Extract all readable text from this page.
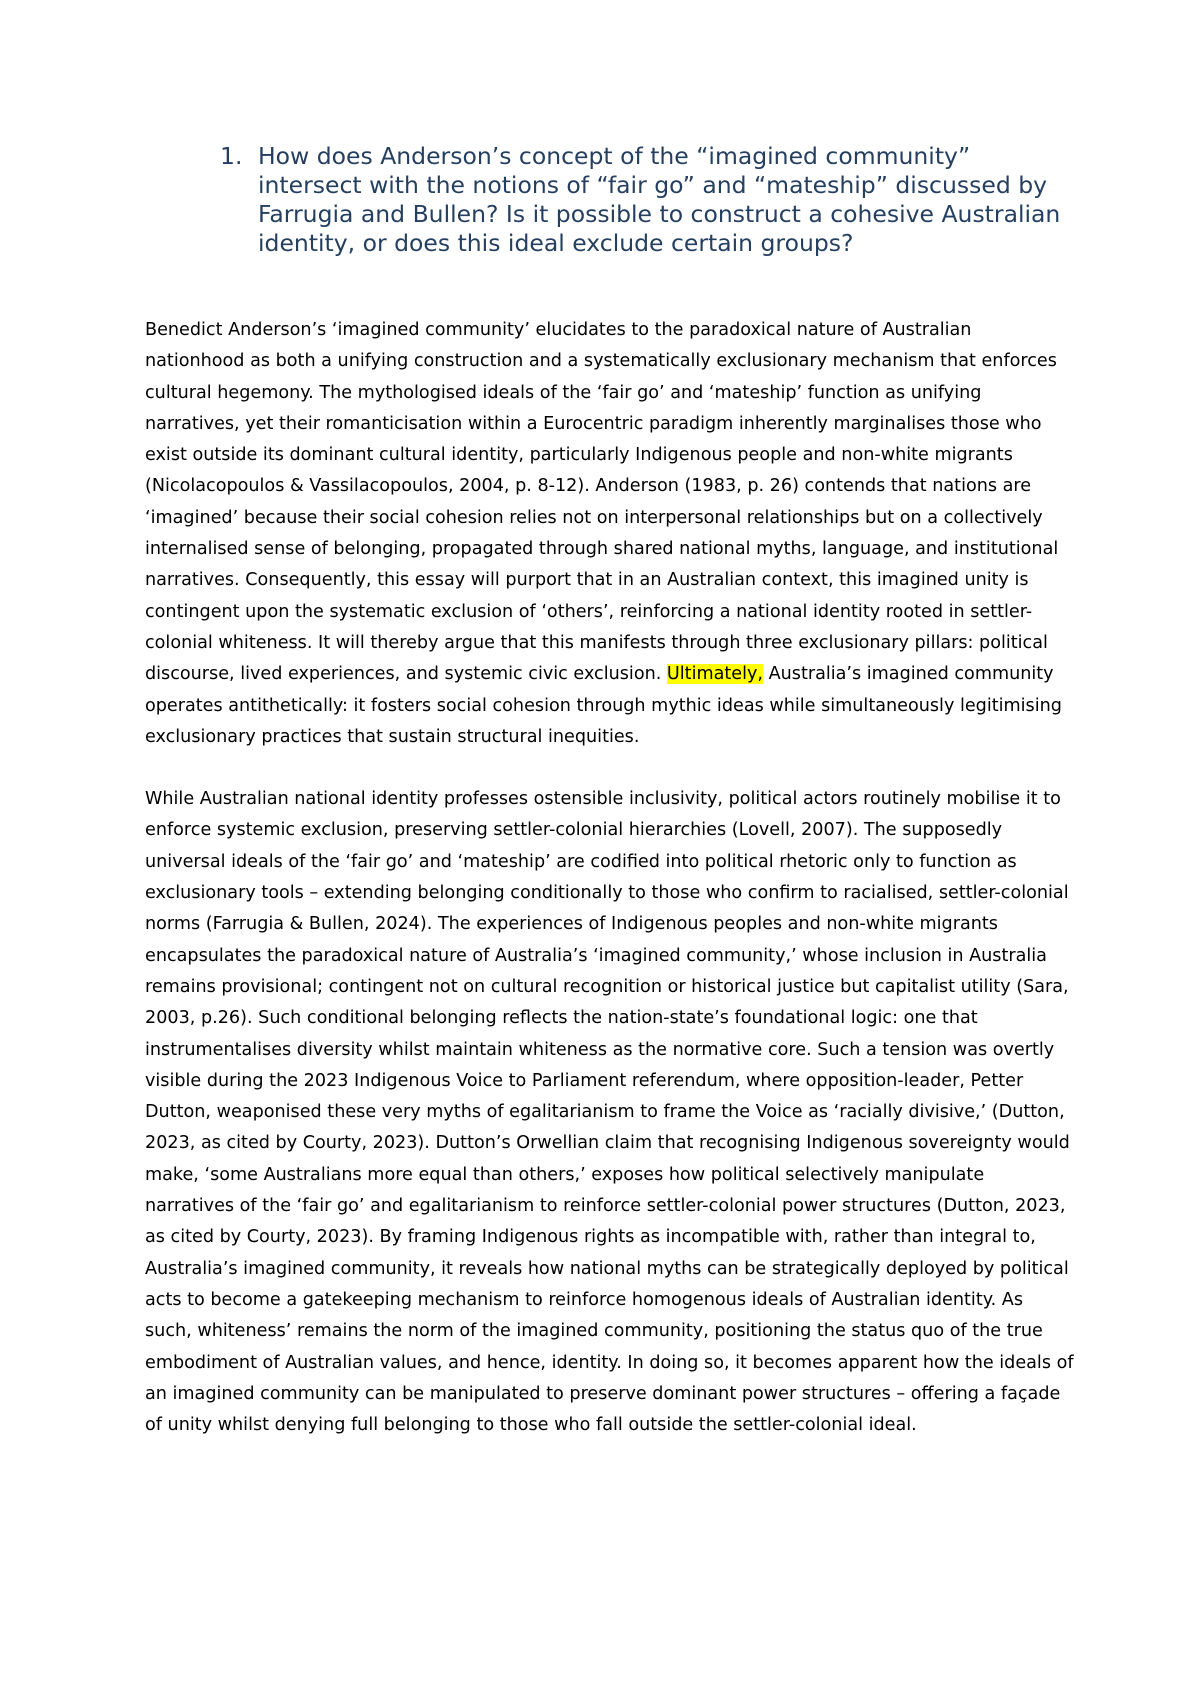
1. How does Anderson’s concept of the “imagined community” intersect with the notions of “fair go” and “mateship” discussed by Farrugia and Bullen? Is it possible to construct a cohesive Australian identity, or does this ideal exclude certain groups?

Benedict Anderson’s ‘imagined community’ elucidates to the paradoxical nature of Australian nationhood as both a unifying construction and a systematically exclusionary mechanism that enforces cultural hegemony. The mythologised ideals of the ‘fair go’ and ‘mateship’ function as unifying narratives, yet their romanticisation within a Eurocentric paradigm inherently marginalises those who exist outside its dominant cultural identity, particularly Indigenous people and non-white migrants (Nicolacopoulos & Vassilacopoulos, 2004, p. 8-12). Anderson (1983, p. 26) contends that nations are ‘imagined’ because their social cohesion relies not on interpersonal relationships but on a collectively internalised sense of belonging, propagated through shared national myths, language, and institutional narratives. Consequently, this essay will purport that in an Australian context, this imagined unity is contingent upon the systematic exclusion of ‘others’, reinforcing a national identity rooted in settler-colonial whiteness. It will thereby argue that this manifests through three exclusionary pillars: political discourse, lived experiences, and systemic civic exclusion. Ultimately, Australia’s imagined community operates antithetically: it fosters social cohesion through mythic ideas while simultaneously legitimising exclusionary practices that sustain structural inequities.

While Australian national identity professes ostensible inclusivity, political actors routinely mobilise it to enforce systemic exclusion, preserving settler-colonial hierarchies (Lovell, 2007). The supposedly universal ideals of the ‘fair go’ and ‘mateship’ are codified into political rhetoric only to function as exclusionary tools – extending belonging conditionally to those who confirm to racialised, settler-colonial norms (Farrugia & Bullen, 2024). The experiences of Indigenous peoples and non-white migrants encapsulates the paradoxical nature of Australia’s ‘imagined community,’ whose inclusion in Australia remains provisional; contingent not on cultural recognition or historical justice but capitalist utility (Sara, 2003, p.26). Such conditional belonging reflects the nation-state’s foundational logic: one that instrumentalises diversity whilst maintain whiteness as the normative core. Such a tension was overtly visible during the 2023 Indigenous Voice to Parliament referendum, where opposition-leader, Petter Dutton, weaponised these very myths of egalitarianism to frame the Voice as ‘racially divisive,’ (Dutton, 2023, as cited by Courty, 2023). Dutton’s Orwellian claim that recognising Indigenous sovereignty would make, ‘some Australians more equal than others,’ exposes how political selectively manipulate narratives of the ‘fair go’ and egalitarianism to reinforce settler-colonial power structures (Dutton, 2023, as cited by Courty, 2023). By framing Indigenous rights as incompatible with, rather than integral to, Australia’s imagined community, it reveals how national myths can be strategically deployed by political acts to become a gatekeeping mechanism to reinforce homogenous ideals of Australian identity. As such, whiteness’ remains the norm of the imagined community, positioning the status quo of the true embodiment of Australian values, and hence, identity. In doing so, it becomes apparent how the ideals of an imagined community can be manipulated to preserve dominant power structures – offering a façade of unity whilst denying full belonging to those who fall outside the settler-colonial ideal.
